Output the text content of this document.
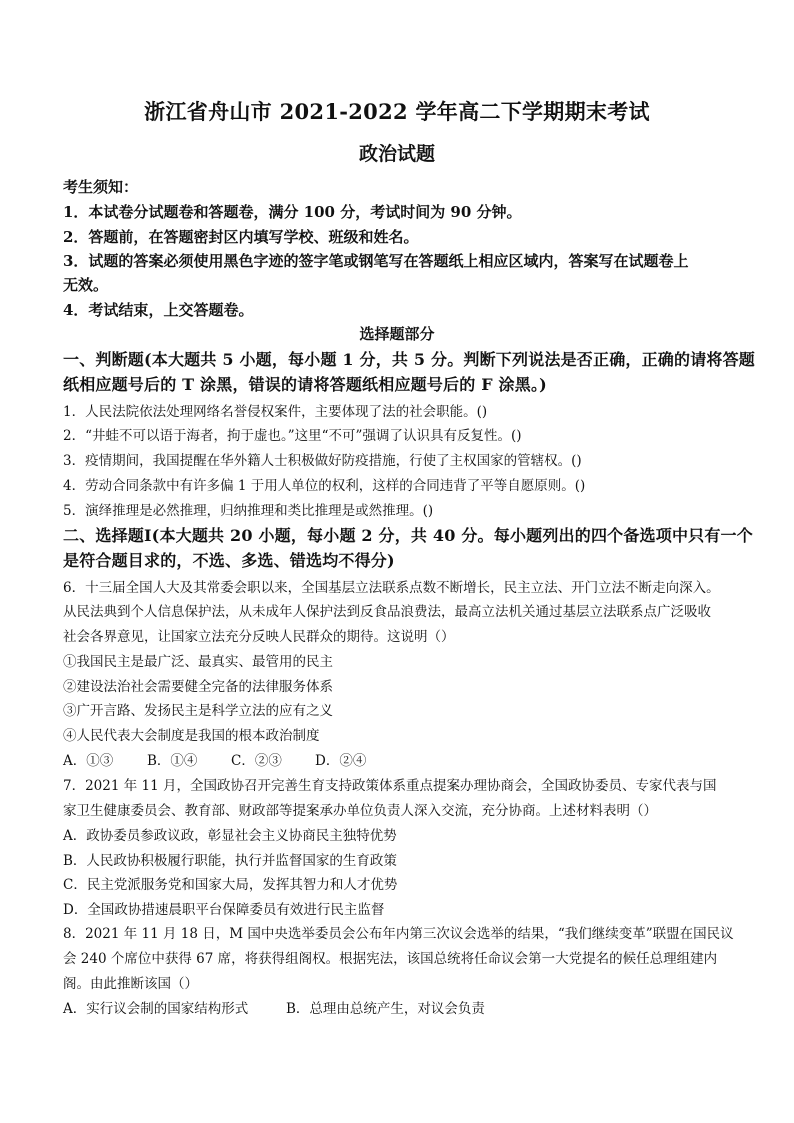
浙江省舟山市 2021-2022 学年高二下学期期末考试
政治试题
考生须知：
1．本试卷分试题卷和答题卷，满分 100 分，考试时间为 90 分钟。
2．答题前，在答题密封区内填写学校、班级和姓名。
3．试题的答案必须使用黑色字迹的签字笔或钢笔写在答题纸上相应区域内，答案写在试题卷上
无效。
4．考试结束，上交答题卷。
选择题部分
一、判断题(本大题共 5 小题，每小题 1 分，共 5 分。判断下列说法是否正确，正确的请将答题
纸相应题号后的 T 涂黑，错误的请将答题纸相应题号后的 F 涂黑。)
1．人民法院依法处理网络名誉侵权案件，主要体现了法的社会职能。()
2．“井蛙不可以语于海者，拘于虚也。”这里“不可”强调了认识具有反复性。()
3．疫情期间，我国提醒在华外籍人士积极做好防疫措施，行使了主权国家的管辖权。()
4．劳动合同条款中有许多偏 1 于用人单位的权利，这样的合同违背了平等自愿原则。()
5．演绎推理是必然推理，归纳推理和类比推理是或然推理。()
二、选择题Ⅰ(本大题共 20 小题，每小题 2 分，共 40 分。每小题列出的四个备选项中只有一个
是符合题目求的，不选、多选、错选均不得分)
6．十三届全国人大及其常委会职以来，全国基层立法联系点数不断增长，民主立法、开门立法不断走向深入。
从民法典到个人信息保护法，从未成年人保护法到反食品浪费法，最高立法机关通过基层立法联系点广泛吸收
社会各界意见，让国家立法充分反映人民群众的期待。这说明（）
①我国民主是最广泛、最真实、最管用的民主
②建设法治社会需要健全完备的法律服务体系
③广开言路、发扬民主是科学立法的应有之义
④人民代表大会制度是我国的根本政治制度
A．①③	B．①④ C．②③ D．②④
7．2021 年 11 月，全国政协召开完善生育支持政策体系重点提案办理协商会，全国政协委员、专家代表与国
家卫生健康委员会、教育部、财政部等提案承办单位负责人深入交流，充分协商。上述材料表明（）
A．政协委员参政议政，彰显社会主义协商民主独特优势
B．人民政协积极履行职能，执行并监督国家的生育政策
C．民主党派服务党和国家大局，发挥其智力和人才优势
D．全国政协措速晨职平台保障委员有效进行民主监督
8．2021 年 11 月 18 日，M 国中央选举委员会公布年内第三次议会选举的结果，“我们继续变革”联盟在国民议
会 240 个席位中获得 67 席，将获得组阁权。根据宪法，该国总统将任命议会第一大党提名的候任总理组建内
阁。由此推断该国（）
A．实行议会制的国家结构形式	B．总理由总统产生，对议会负责
